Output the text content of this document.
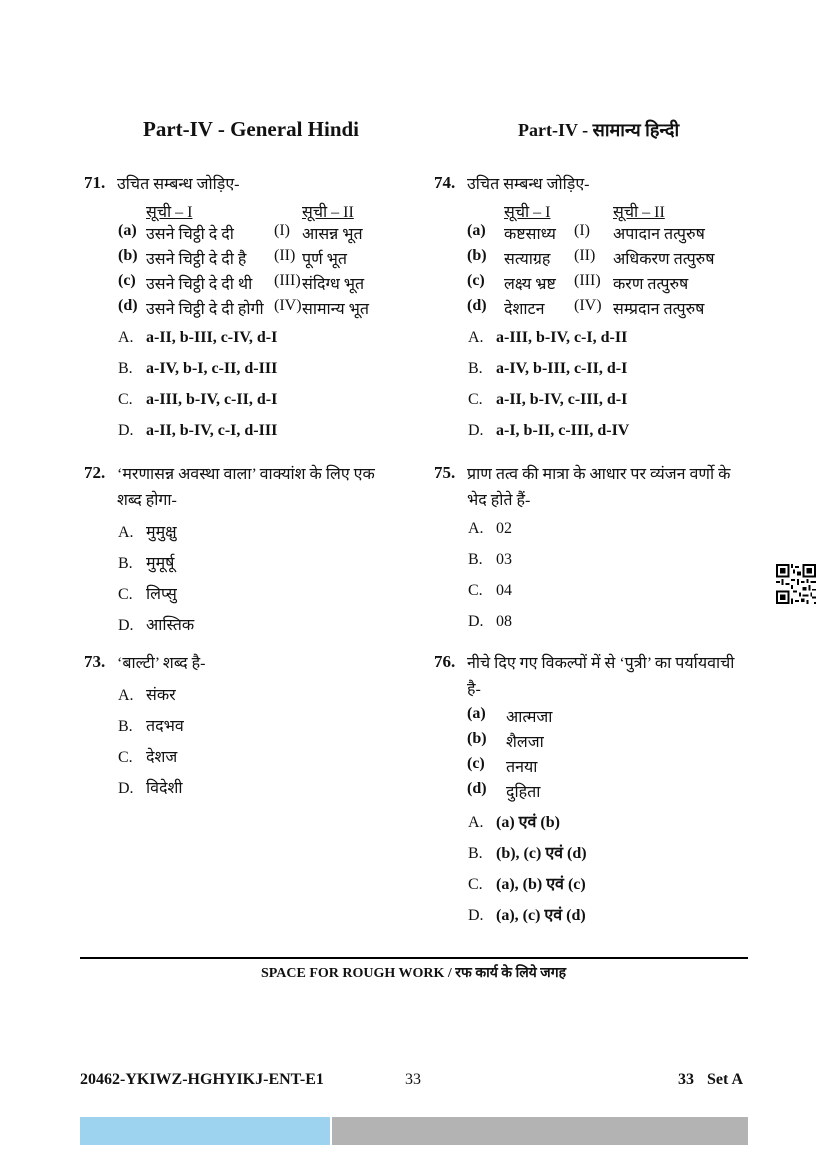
Part-IV - General Hindi	Part-IV - सामान्य हिन्दी
71. उचित सम्बन्ध जोड़िए-
सूची – I	सूची – II
(a) उसने चिट्ठी दे दी	(I) आसन्न भूत
(b) उसने चिट्ठी दे दी है (II) पूर्ण भूत
(c) उसने चिट्ठी दे दी थी (III) संदिग्ध भूत
(d) उसने चिट्ठी दे दी होगी (IV) सामान्य भूत
A. a-II, b-III, c-IV, d-I
B. a-IV, b-I, c-II, d-III
C. a-III, b-IV, c-II, d-I
D. a-II, b-IV, c-I, d-III
72. ‘मरणासन्न अवस्था वाला’ वाक्यांश के लिए एक शब्द होगा-
A. मुमुक्षु
B. मुमूर्षू
C. लिप्सु
D. आस्तिक
73. ‘बाल्टी’ शब्द है-
A. संकर
B. तदभव
C. देशज
D. विदेशी
74. उचित सम्बन्ध जोड़िए-
सूची – I	सूची – II
(a) कष्टसाध्य (I) अपादान तत्पुरुष
(b) सत्याग्रह (II) अधिकरण तत्पुरुष
(c) लक्ष्य भ्रष्ट (III) करण तत्पुरुष
(d) देशाटन (IV) सम्प्रदान तत्पुरुष
A. a-III, b-IV, c-I, d-II
B. a-IV, b-III, c-II, d-I
C. a-II, b-IV, c-III, d-I
D. a-I, b-II, c-III, d-IV
75. प्राण तत्व की मात्रा के आधार पर व्यंजन वर्णो के भेद होते हैं-
A. 02
B. 03
C. 04
D. 08
76. नीचे दिए गए विकल्पों में से ‘पुत्री’ का पर्यायवाची है-
(a) आत्मजा
(b) शैलजा
(c) तनया
(d) दुहिता
A. (a) एवं (b)
B. (b), (c) एवं (d)
C. (a), (b) एवं (c)
D. (a), (c) एवं (d)
SPACE FOR ROUGH WORK / रफ कार्य के लिये जगह
20462-YKIWZ-HGHYIKJ-ENT-E1	33	33 Set A
